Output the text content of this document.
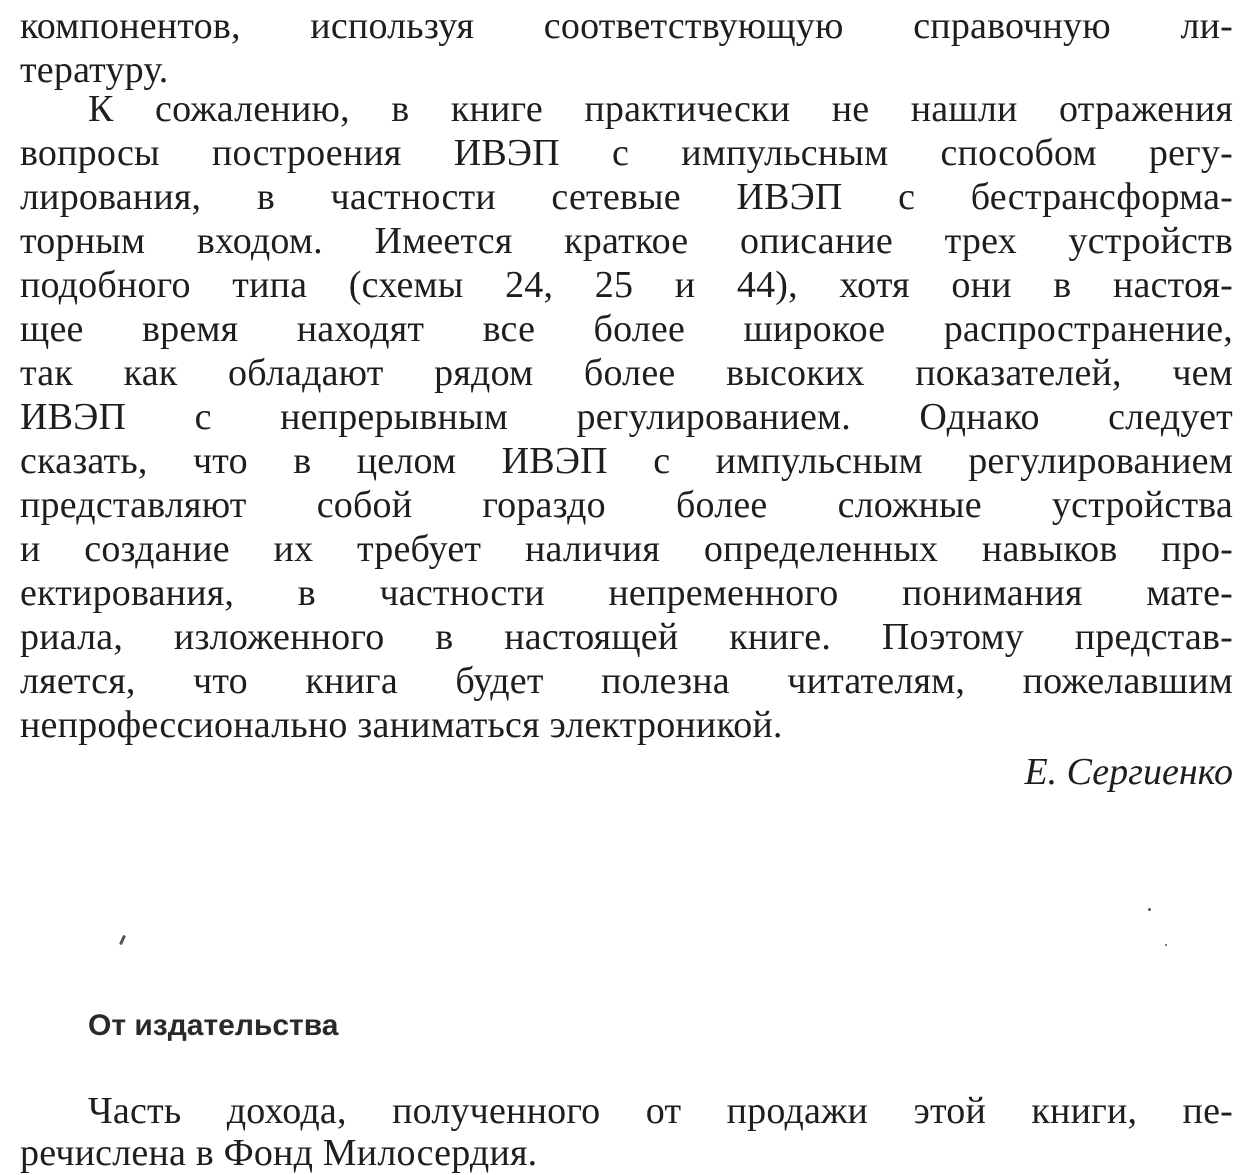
компонентов, используя соответствующую справочную ли-
тературу.
К сожалению, в книге практически не нашли отражения
вопросы построения ИВЭП с импульсным способом регу-
лирования, в частности сетевые ИВЭП с бестрансформа-
торным входом. Имеется краткое описание трех устройств
подобного типа (схемы 24, 25 и 44), хотя они в настоя-
щее время находят все более широкое распространение,
так как обладают рядом более высоких показателей, чем
ИВЭП с непрерывным регулированием. Однако следует
сказать, что в целом ИВЭП с импульсным регулированием
представляют собой гораздо более сложные устройства
и создание их требует наличия определенных навыков про-
ектирования, в частности непременного понимания мате-
риала, изложенного в настоящей книге. Поэтому представ-
ляется, что книга будет полезна читателям, пожелавшим
непрофессионально заниматься электроникой.
Е. Сергиенко
От издательства
Часть дохода, полученного от продажи этой книги, пе-
речислена в Фонд Милосердия.
